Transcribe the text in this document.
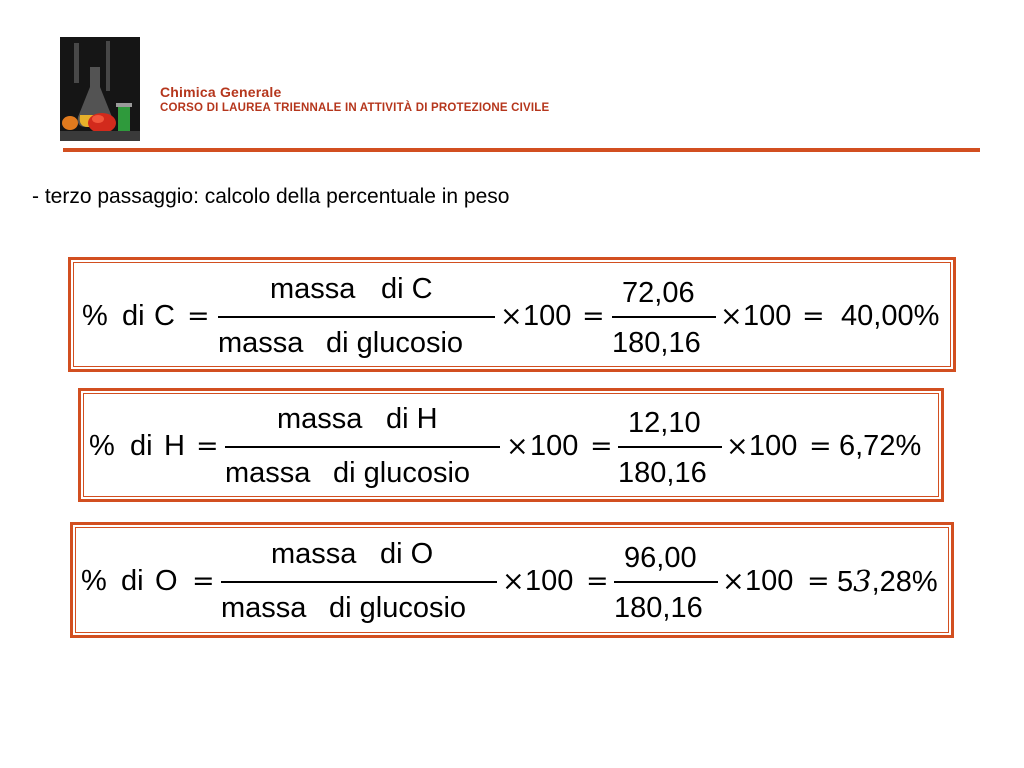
Chimica Generale
CORSO DI LAUREA TRIENNALE IN ATTIVITÀ DI PROTEZIONE CIVILE
- terzo passaggio: calcolo della percentuale in peso
% di C =
massa di C
massa di glucosio
× 100 =
72,06
180,16
× 100 = 40,00%
% di H =
massa di H
massa di glucosio
× 100 =
12,10
180,16
× 100 = 6,72%
% di O =
massa di O
massa di glucosio
× 100 =
96,00
180,16
× 100 = 53,28%
